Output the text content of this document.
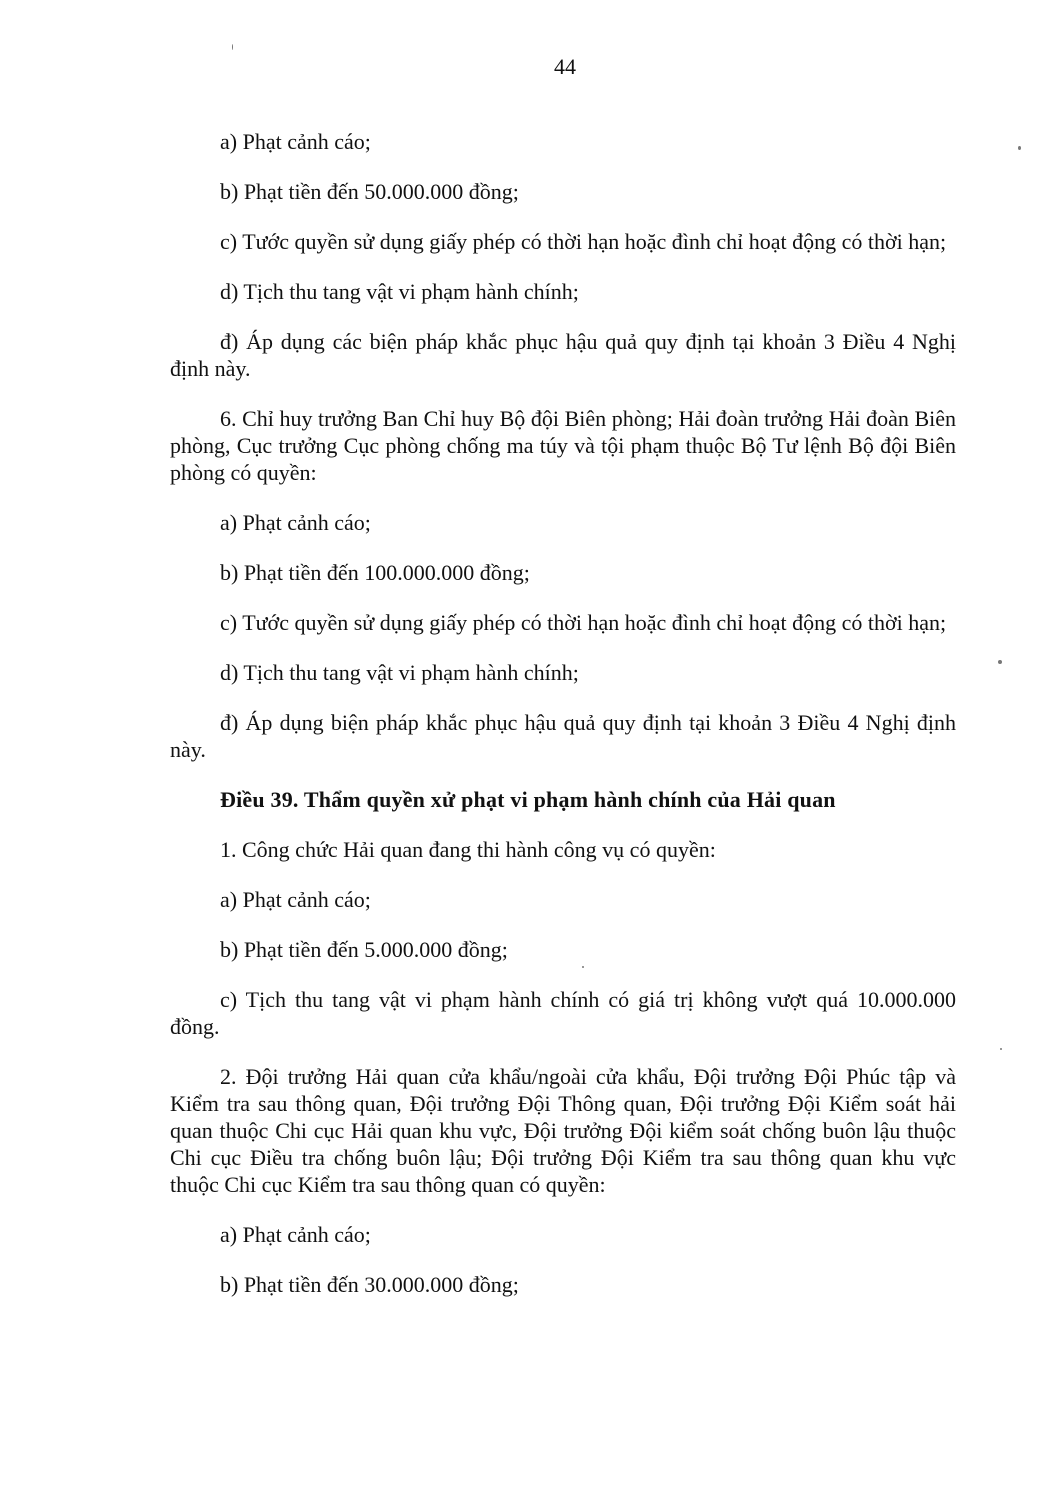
44

a) Phạt cảnh cáo;

b) Phạt tiền đến 50.000.000 đồng;

c) Tước quyền sử dụng giấy phép có thời hạn hoặc đình chỉ hoạt động có thời hạn;

d) Tịch thu tang vật vi phạm hành chính;

đ) Áp dụng các biện pháp khắc phục hậu quả quy định tại khoản 3 Điều 4 Nghị định này.

6. Chỉ huy trưởng Ban Chỉ huy Bộ đội Biên phòng; Hải đoàn trưởng Hải đoàn Biên phòng, Cục trưởng Cục phòng chống ma túy và tội phạm thuộc Bộ Tư lệnh Bộ đội Biên phòng có quyền:

a) Phạt cảnh cáo;

b) Phạt tiền đến 100.000.000 đồng;

c) Tước quyền sử dụng giấy phép có thời hạn hoặc đình chỉ hoạt động có thời hạn;

d) Tịch thu tang vật vi phạm hành chính;

đ) Áp dụng biện pháp khắc phục hậu quả quy định tại khoản 3 Điều 4 Nghị định này.

Điều 39. Thẩm quyền xử phạt vi phạm hành chính của Hải quan

1. Công chức Hải quan đang thi hành công vụ có quyền:

a) Phạt cảnh cáo;

b) Phạt tiền đến 5.000.000 đồng;

c) Tịch thu tang vật vi phạm hành chính có giá trị không vượt quá 10.000.000 đồng.

2. Đội trưởng Hải quan cửa khẩu/ngoài cửa khẩu, Đội trưởng Đội Phúc tập và Kiểm tra sau thông quan, Đội trưởng Đội Thông quan, Đội trưởng Đội Kiểm soát hải quan thuộc Chi cục Hải quan khu vực, Đội trưởng Đội kiểm soát chống buôn lậu thuộc Chi cục Điều tra chống buôn lậu; Đội trưởng Đội Kiểm tra sau thông quan khu vực thuộc Chi cục Kiểm tra sau thông quan có quyền:

a) Phạt cảnh cáo;

b) Phạt tiền đến 30.000.000 đồng;
